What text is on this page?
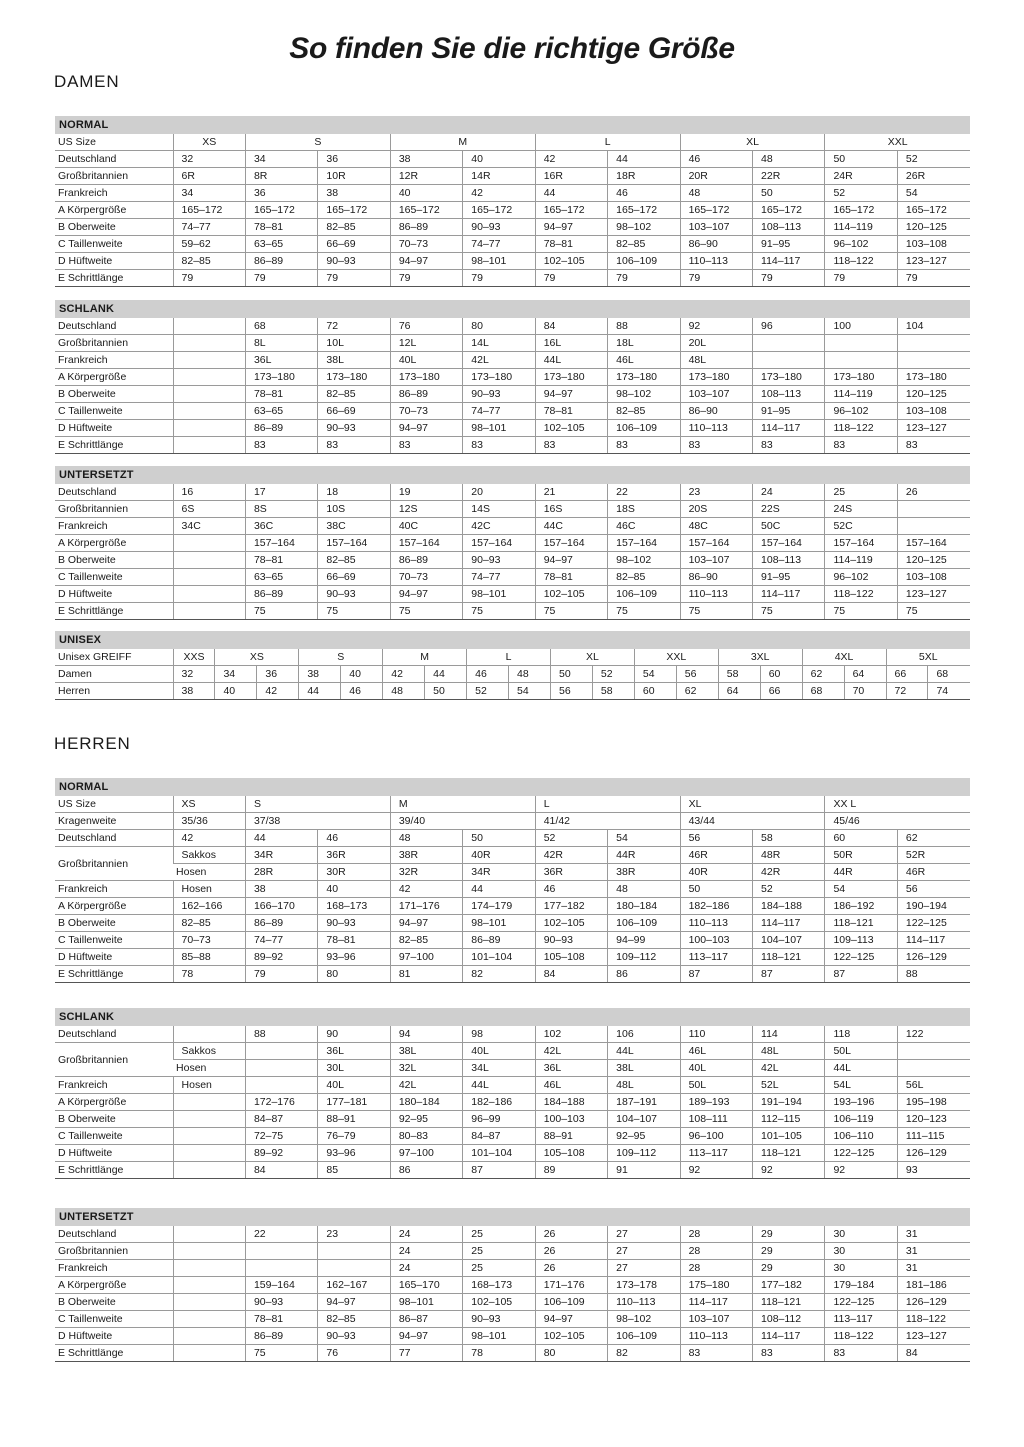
So finden Sie die richtige Größe
DAMEN
HERREN
NORMAL
US Size	XS	S		M		L		XL		XXL	
Deutschland	32	34	36	38	40	42	44	46	48	50	52
Großbritannien	6R	8R	10R	12R	14R	16R	18R	20R	22R	24R	26R
Frankreich	34	36	38	40	42	44	46	48	50	52	54
A Körpergröße	165–172	165–172	165–172	165–172	165–172	165–172	165–172	165–172	165–172	165–172	165–172
B Oberweite	74–77	78–81	82–85	86–89	90–93	94–97	98–102	103–107	108–113	114–119	120–125
C Taillenweite	59–62	63–65	66–69	70–73	74–77	78–81	82–85	86–90	91–95	96–102	103–108
D Hüftweite	82–85	86–89	90–93	94–97	98–101	102–105	106–109	110–113	114–117	118–122	123–127
E Schrittlänge	79	79	79	79	79	79	79	79	79	79	79
SCHLANK
Deutschland		68	72	76	80	84	88	92	96	100	104
Großbritannien		8L	10L	12L	14L	16L	18L	20L			
Frankreich		36L	38L	40L	42L	44L	46L	48L			
A Körpergröße		173–180	173–180	173–180	173–180	173–180	173–180	173–180	173–180	173–180	173–180
B Oberweite		78–81	82–85	86–89	90–93	94–97	98–102	103–107	108–113	114–119	120–125
C Taillenweite		63–65	66–69	70–73	74–77	78–81	82–85	86–90	91–95	96–102	103–108
D Hüftweite		86–89	90–93	94–97	98–101	102–105	106–109	110–113	114–117	118–122	123–127
E Schrittlänge		83	83	83	83	83	83	83	83	83	83
UNTERSETZT
Deutschland	16	17	18	19	20	21	22	23	24	25	26
Großbritannien	6S	8S	10S	12S	14S	16S	18S	20S	22S	24S	
Frankreich	34C	36C	38C	40C	42C	44C	46C	48C	50C	52C	
A Körpergröße		157–164	157–164	157–164	157–164	157–164	157–164	157–164	157–164	157–164	157–164
B Oberweite		78–81	82–85	86–89	90–93	94–97	98–102	103–107	108–113	114–119	120–125
C Taillenweite		63–65	66–69	70–73	74–77	78–81	82–85	86–90	91–95	96–102	103–108
D Hüftweite		86–89	90–93	94–97	98–101	102–105	106–109	110–113	114–117	118–122	123–127
E Schrittlänge		75	75	75	75	75	75	75	75	75	75
UNISEX
Unisex GREIFF	XXS	XS		S		M		L		XL		XXL		3XL		4XL		5XL	
Damen	32	34	36	38	40	42	44	46	48	50	52	54	56	58	60	62	64	66	68
Herren	38	40	42	44	46	48	50	52	54	56	58	60	62	64	66	68	70	72	74
NORMAL
US Size	XS	S		M		L		XL		XX L	
Kragenweite	35/36	37/38		39/40		41/42		43/44		45/46	
Deutschland	42	44	46	48	50	52	54	56	58	60	62
Großbritannien	Sakkos	34R	36R	38R	40R	42R	44R	46R	48R	50R	52R
	Hosen	28R	30R	32R	34R	36R	38R	40R	42R	44R	46R
Frankreich	Hosen	38	40	42	44	46	48	50	52	54	56
A Körpergröße	162–166	166–170	168–173	171–176	174–179	177–182	180–184	182–186	184–188	186–192	190–194
B Oberweite	82–85	86–89	90–93	94–97	98–101	102–105	106–109	110–113	114–117	118–121	122–125
C Taillenweite	70–73	74–77	78–81	82–85	86–89	90–93	94–99	100–103	104–107	109–113	114–117
D Hüftweite	85–88	89–92	93–96	97–100	101–104	105–108	109–112	113–117	118–121	122–125	126–129
E Schrittlänge	78	79	80	81	82	84	86	87	87	87	88
SCHLANK
Deutschland		88	90	94	98	102	106	110	114	118	122
Großbritannien	Sakkos		36L	38L	40L	42L	44L	46L	48L	50L	
	Hosen		30L	32L	34L	36L	38L	40L	42L	44L	
Frankreich	Hosen		40L	42L	44L	46L	48L	50L	52L	54L	56L
A Körpergröße		172–176	177–181	180–184	182–186	184–188	187–191	189–193	191–194	193–196	195–198
B Oberweite		84–87	88–91	92–95	96–99	100–103	104–107	108–111	112–115	106–119	120–123
C Taillenweite		72–75	76–79	80–83	84–87	88–91	92–95	96–100	101–105	106–110	111–115
D Hüftweite		89–92	93–96	97–100	101–104	105–108	109–112	113–117	118–121	122–125	126–129
E Schrittlänge		84	85	86	87	89	91	92	92	92	93
UNTERSETZT
Deutschland		22	23	24	25	26	27	28	29	30	31
Großbritannien				24	25	26	27	28	29	30	31
Frankreich				24	25	26	27	28	29	30	31
A Körpergröße		159–164	162–167	165–170	168–173	171–176	173–178	175–180	177–182	179–184	181–186
B Oberweite		90–93	94–97	98–101	102–105	106–109	110–113	114–117	118–121	122–125	126–129
C Taillenweite		78–81	82–85	86–87	90–93	94–97	98–102	103–107	108–112	113–117	118–122
D Hüftweite		86–89	90–93	94–97	98–101	102–105	106–109	110–113	114–117	118–122	123–127
E Schrittlänge		75	76	77	78	80	82	83	83	83	84
